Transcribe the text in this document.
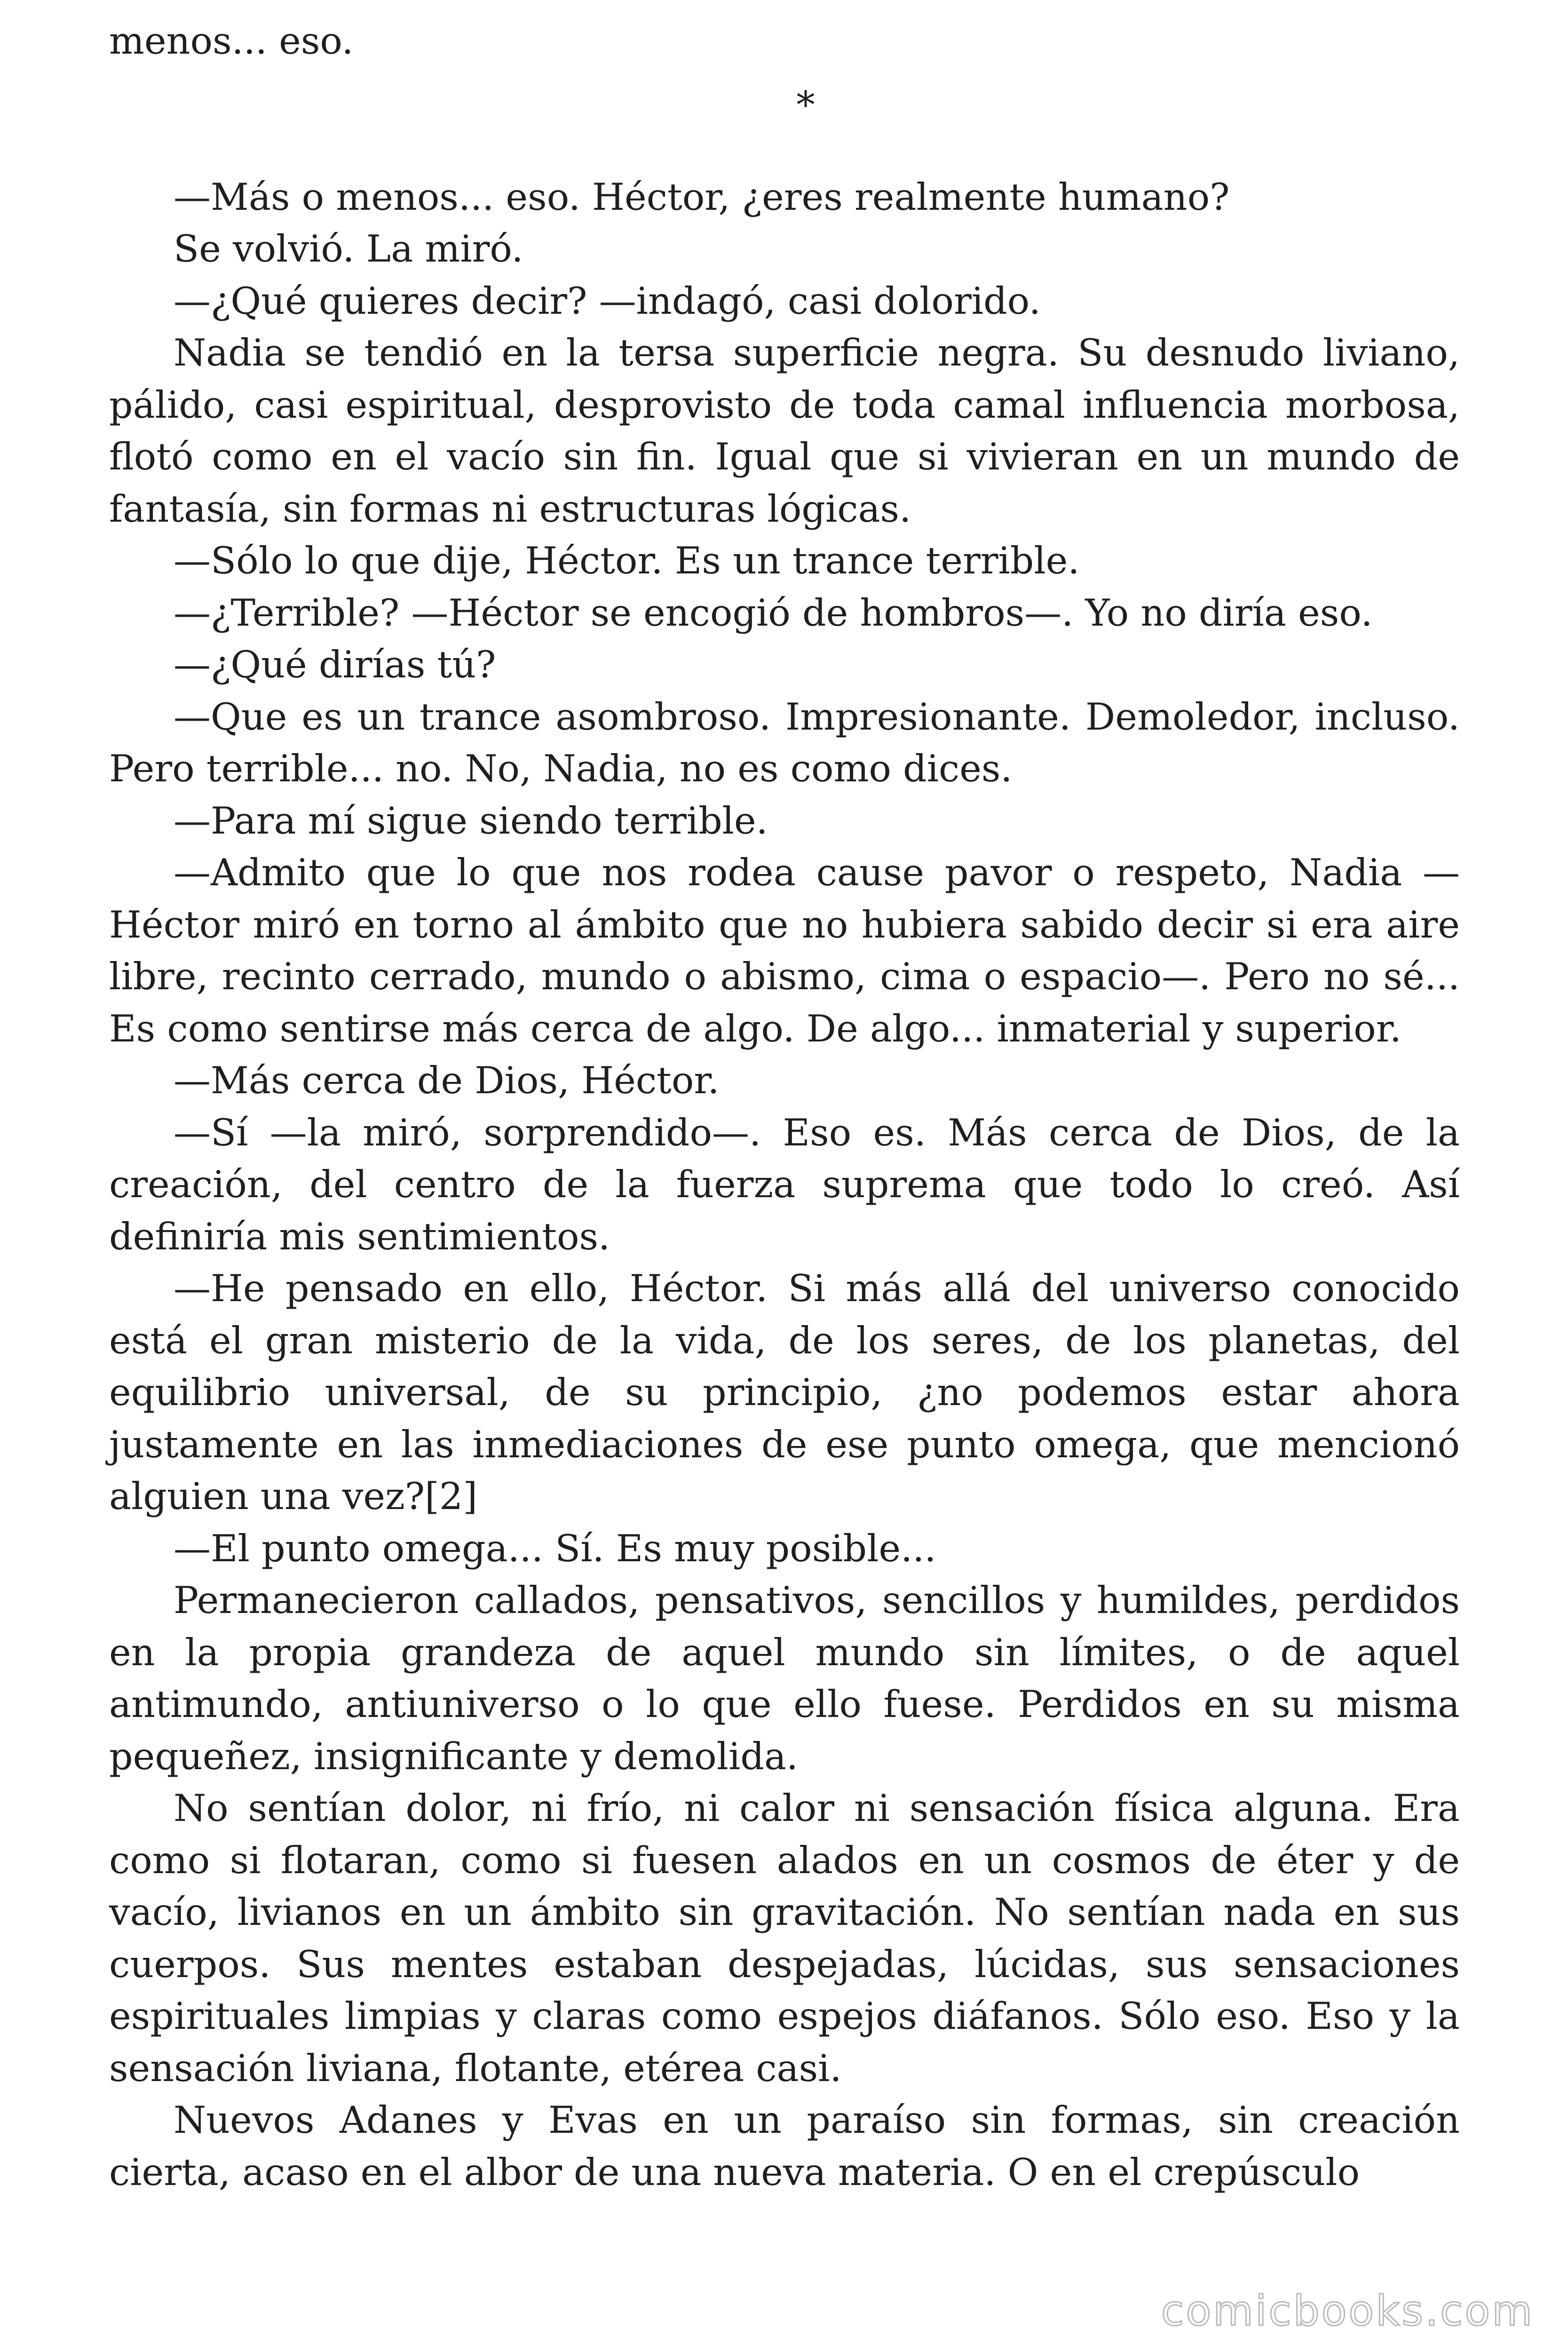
menos... eso.

*

—Más o menos... eso. Héctor, ¿eres realmente humano?

Se volvió. La miró.

—¿Qué quieres decir? —indagó, casi dolorido.

Nadia se tendió en la tersa superficie negra. Su desnudo liviano, pálido, casi espiritual, desprovisto de toda camal influencia morbosa, flotó como en el vacío sin fin. Igual que si vivieran en un mundo de fantasía, sin formas ni estructuras lógicas.

—Sólo lo que dije, Héctor. Es un trance terrible.

—¿Terrible? —Héctor se encogió de hombros—. Yo no diría eso.

—¿Qué dirías tú?

—Que es un trance asombroso. Impresionante. Demoledor, incluso. Pero terrible... no. No, Nadia, no es como dices.

—Para mí sigue siendo terrible.

—Admito que lo que nos rodea cause pavor o respeto, Nadia —Héctor miró en torno al ámbito que no hubiera sabido decir si era aire libre, recinto cerrado, mundo o abismo, cima o espacio—. Pero no sé... Es como sentirse más cerca de algo. De algo... inmaterial y superior.

—Más cerca de Dios, Héctor.

—Sí —la miró, sorprendido—. Eso es. Más cerca de Dios, de la creación, del centro de la fuerza suprema que todo lo creó. Así definiría mis sentimientos.

—He pensado en ello, Héctor. Si más allá del universo conocido está el gran misterio de la vida, de los seres, de los planetas, del equilibrio universal, de su principio, ¿no podemos estar ahora justamente en las inmediaciones de ese punto omega, que mencionó alguien una vez?[2]

—El punto omega... Sí. Es muy posible...

Permanecieron callados, pensativos, sencillos y humildes, perdidos en la propia grandeza de aquel mundo sin límites, o de aquel antimundo, antiuniverso o lo que ello fuese. Perdidos en su misma pequeñez, insignificante y demolida.

No sentían dolor, ni frío, ni calor ni sensación física alguna. Era como si flotaran, como si fuesen alados en un cosmos de éter y de vacío, livianos en un ámbito sin gravitación. No sentían nada en sus cuerpos. Sus mentes estaban despejadas, lúcidas, sus sensaciones espirituales limpias y claras como espejos diáfanos. Sólo eso. Eso y la sensación liviana, flotante, etérea casi.

Nuevos Adanes y Evas en un paraíso sin formas, sin creación cierta, acaso en el albor de una nueva materia. O en el crepúsculo

comicbooks.com
